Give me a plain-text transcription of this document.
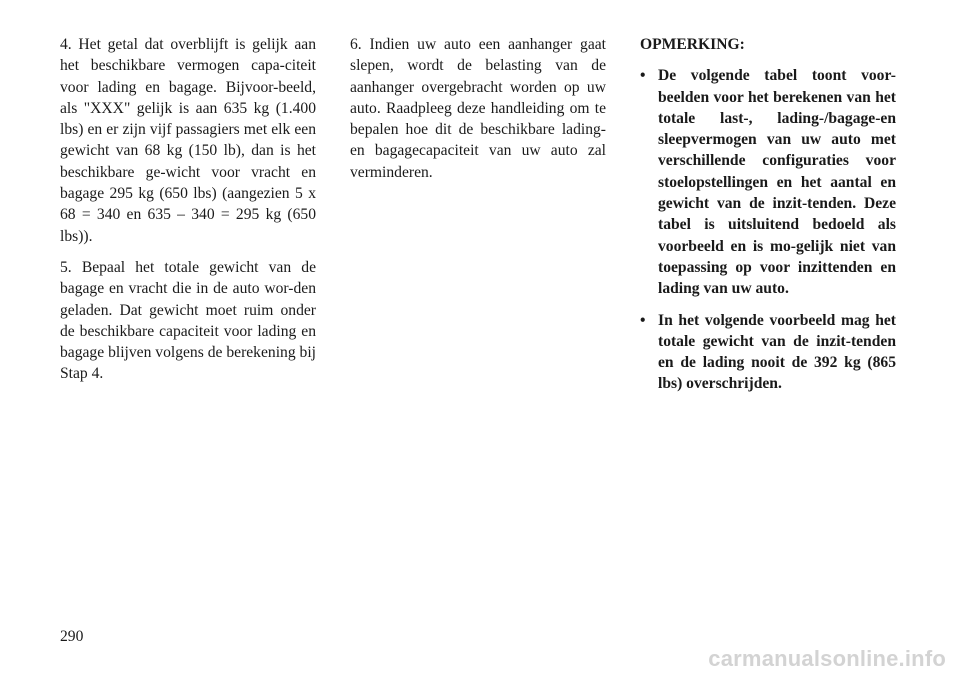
4. Het getal dat overblijft is gelijk aan het beschikbare vermogen capa-citeit voor lading en bagage. Bijvoor-beeld, als "XXX" gelijk is aan 635 kg (1.400 lbs) en er zijn vijf passagiers met elk een gewicht van 68 kg (150 lb), dan is het beschikbare ge-wicht voor vracht en bagage 295 kg (650 lbs) (aangezien 5 x 68 = 340 en 635 – 340 = 295 kg (650 lbs)).

5. Bepaal het totale gewicht van de bagage en vracht die in de auto wor-den geladen. Dat gewicht moet ruim onder de beschikbare capaciteit voor lading en bagage blijven volgens de berekening bij Stap 4.

6. Indien uw auto een aanhanger gaat slepen, wordt de belasting van de aanhanger overgebracht worden op uw auto. Raadpleeg deze handleiding om te bepalen hoe dit de beschikbare lading- en bagagecapaciteit van uw auto zal verminderen.

OPMERKING:
• De volgende tabel toont voor-beelden voor het berekenen van het totale last-, lading-/bagage-en sleepvermogen van uw auto met verschillende configuraties voor stoelopstellingen en het aantal en gewicht van de inzit-tenden. Deze tabel is uitsluitend bedoeld als voorbeeld en is mo-gelijk niet van toepassing op voor inzittenden en lading van uw auto.
• In het volgende voorbeeld mag het totale gewicht van de inzit-tenden en de lading nooit de 392 kg (865 lbs) overschrijden.
290
carmanualsonline.info
